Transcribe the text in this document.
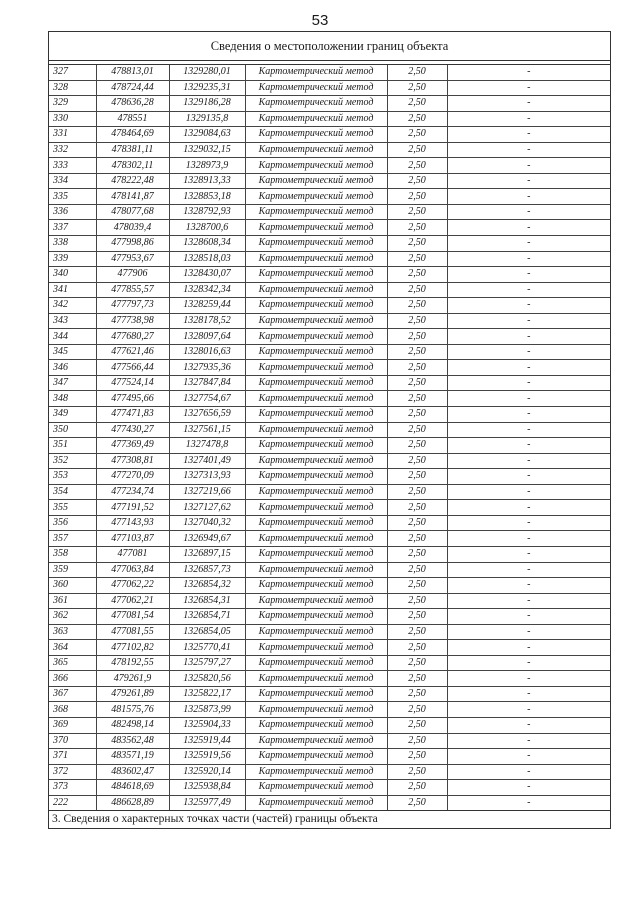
53
Сведения о местоположении границ объекта
327	478813,01	1329280,01	Картометрический метод	2,50	-
328	478724,44	1329235,31	Картометрический метод	2,50	-
329	478636,28	1329186,28	Картометрический метод	2,50	-
330	478551	1329135,8	Картометрический метод	2,50	-
331	478464,69	1329084,63	Картометрический метод	2,50	-
332	478381,11	1329032,15	Картометрический метод	2,50	-
333	478302,11	1328973,9	Картометрический метод	2,50	-
334	478222,48	1328913,33	Картометрический метод	2,50	-
335	478141,87	1328853,18	Картометрический метод	2,50	-
336	478077,68	1328792,93	Картометрический метод	2,50	-
337	478039,4	1328700,6	Картометрический метод	2,50	-
338	477998,86	1328608,34	Картометрический метод	2,50	-
339	477953,67	1328518,03	Картометрический метод	2,50	-
340	477906	1328430,07	Картометрический метод	2,50	-
341	477855,57	1328342,34	Картометрический метод	2,50	-
342	477797,73	1328259,44	Картометрический метод	2,50	-
343	477738,98	1328178,52	Картометрический метод	2,50	-
344	477680,27	1328097,64	Картометрический метод	2,50	-
345	477621,46	1328016,63	Картометрический метод	2,50	-
346	477566,44	1327935,36	Картометрический метод	2,50	-
347	477524,14	1327847,84	Картометрический метод	2,50	-
348	477495,66	1327754,67	Картометрический метод	2,50	-
349	477471,83	1327656,59	Картометрический метод	2,50	-
350	477430,27	1327561,15	Картометрический метод	2,50	-
351	477369,49	1327478,8	Картометрический метод	2,50	-
352	477308,81	1327401,49	Картометрический метод	2,50	-
353	477270,09	1327313,93	Картометрический метод	2,50	-
354	477234,74	1327219,66	Картометрический метод	2,50	-
355	477191,52	1327127,62	Картометрический метод	2,50	-
356	477143,93	1327040,32	Картометрический метод	2,50	-
357	477103,87	1326949,67	Картометрический метод	2,50	-
358	477081	1326897,15	Картометрический метод	2,50	-
359	477063,84	1326857,73	Картометрический метод	2,50	-
360	477062,22	1326854,32	Картометрический метод	2,50	-
361	477062,21	1326854,31	Картометрический метод	2,50	-
362	477081,54	1326854,71	Картометрический метод	2,50	-
363	477081,55	1326854,05	Картометрический метод	2,50	-
364	477102,82	1325770,41	Картометрический метод	2,50	-
365	478192,55	1325797,27	Картометрический метод	2,50	-
366	479261,9	1325820,56	Картометрический метод	2,50	-
367	479261,89	1325822,17	Картометрический метод	2,50	-
368	481575,76	1325873,99	Картометрический метод	2,50	-
369	482498,14	1325904,33	Картометрический метод	2,50	-
370	483562,48	1325919,44	Картометрический метод	2,50	-
371	483571,19	1325919,56	Картометрический метод	2,50	-
372	483602,47	1325920,14	Картометрический метод	2,50	-
373	484618,69	1325938,84	Картометрический метод	2,50	-
222	486628,89	1325977,49	Картометрический метод	2,50	-
3. Сведения о характерных точках части (частей) границы объекта
